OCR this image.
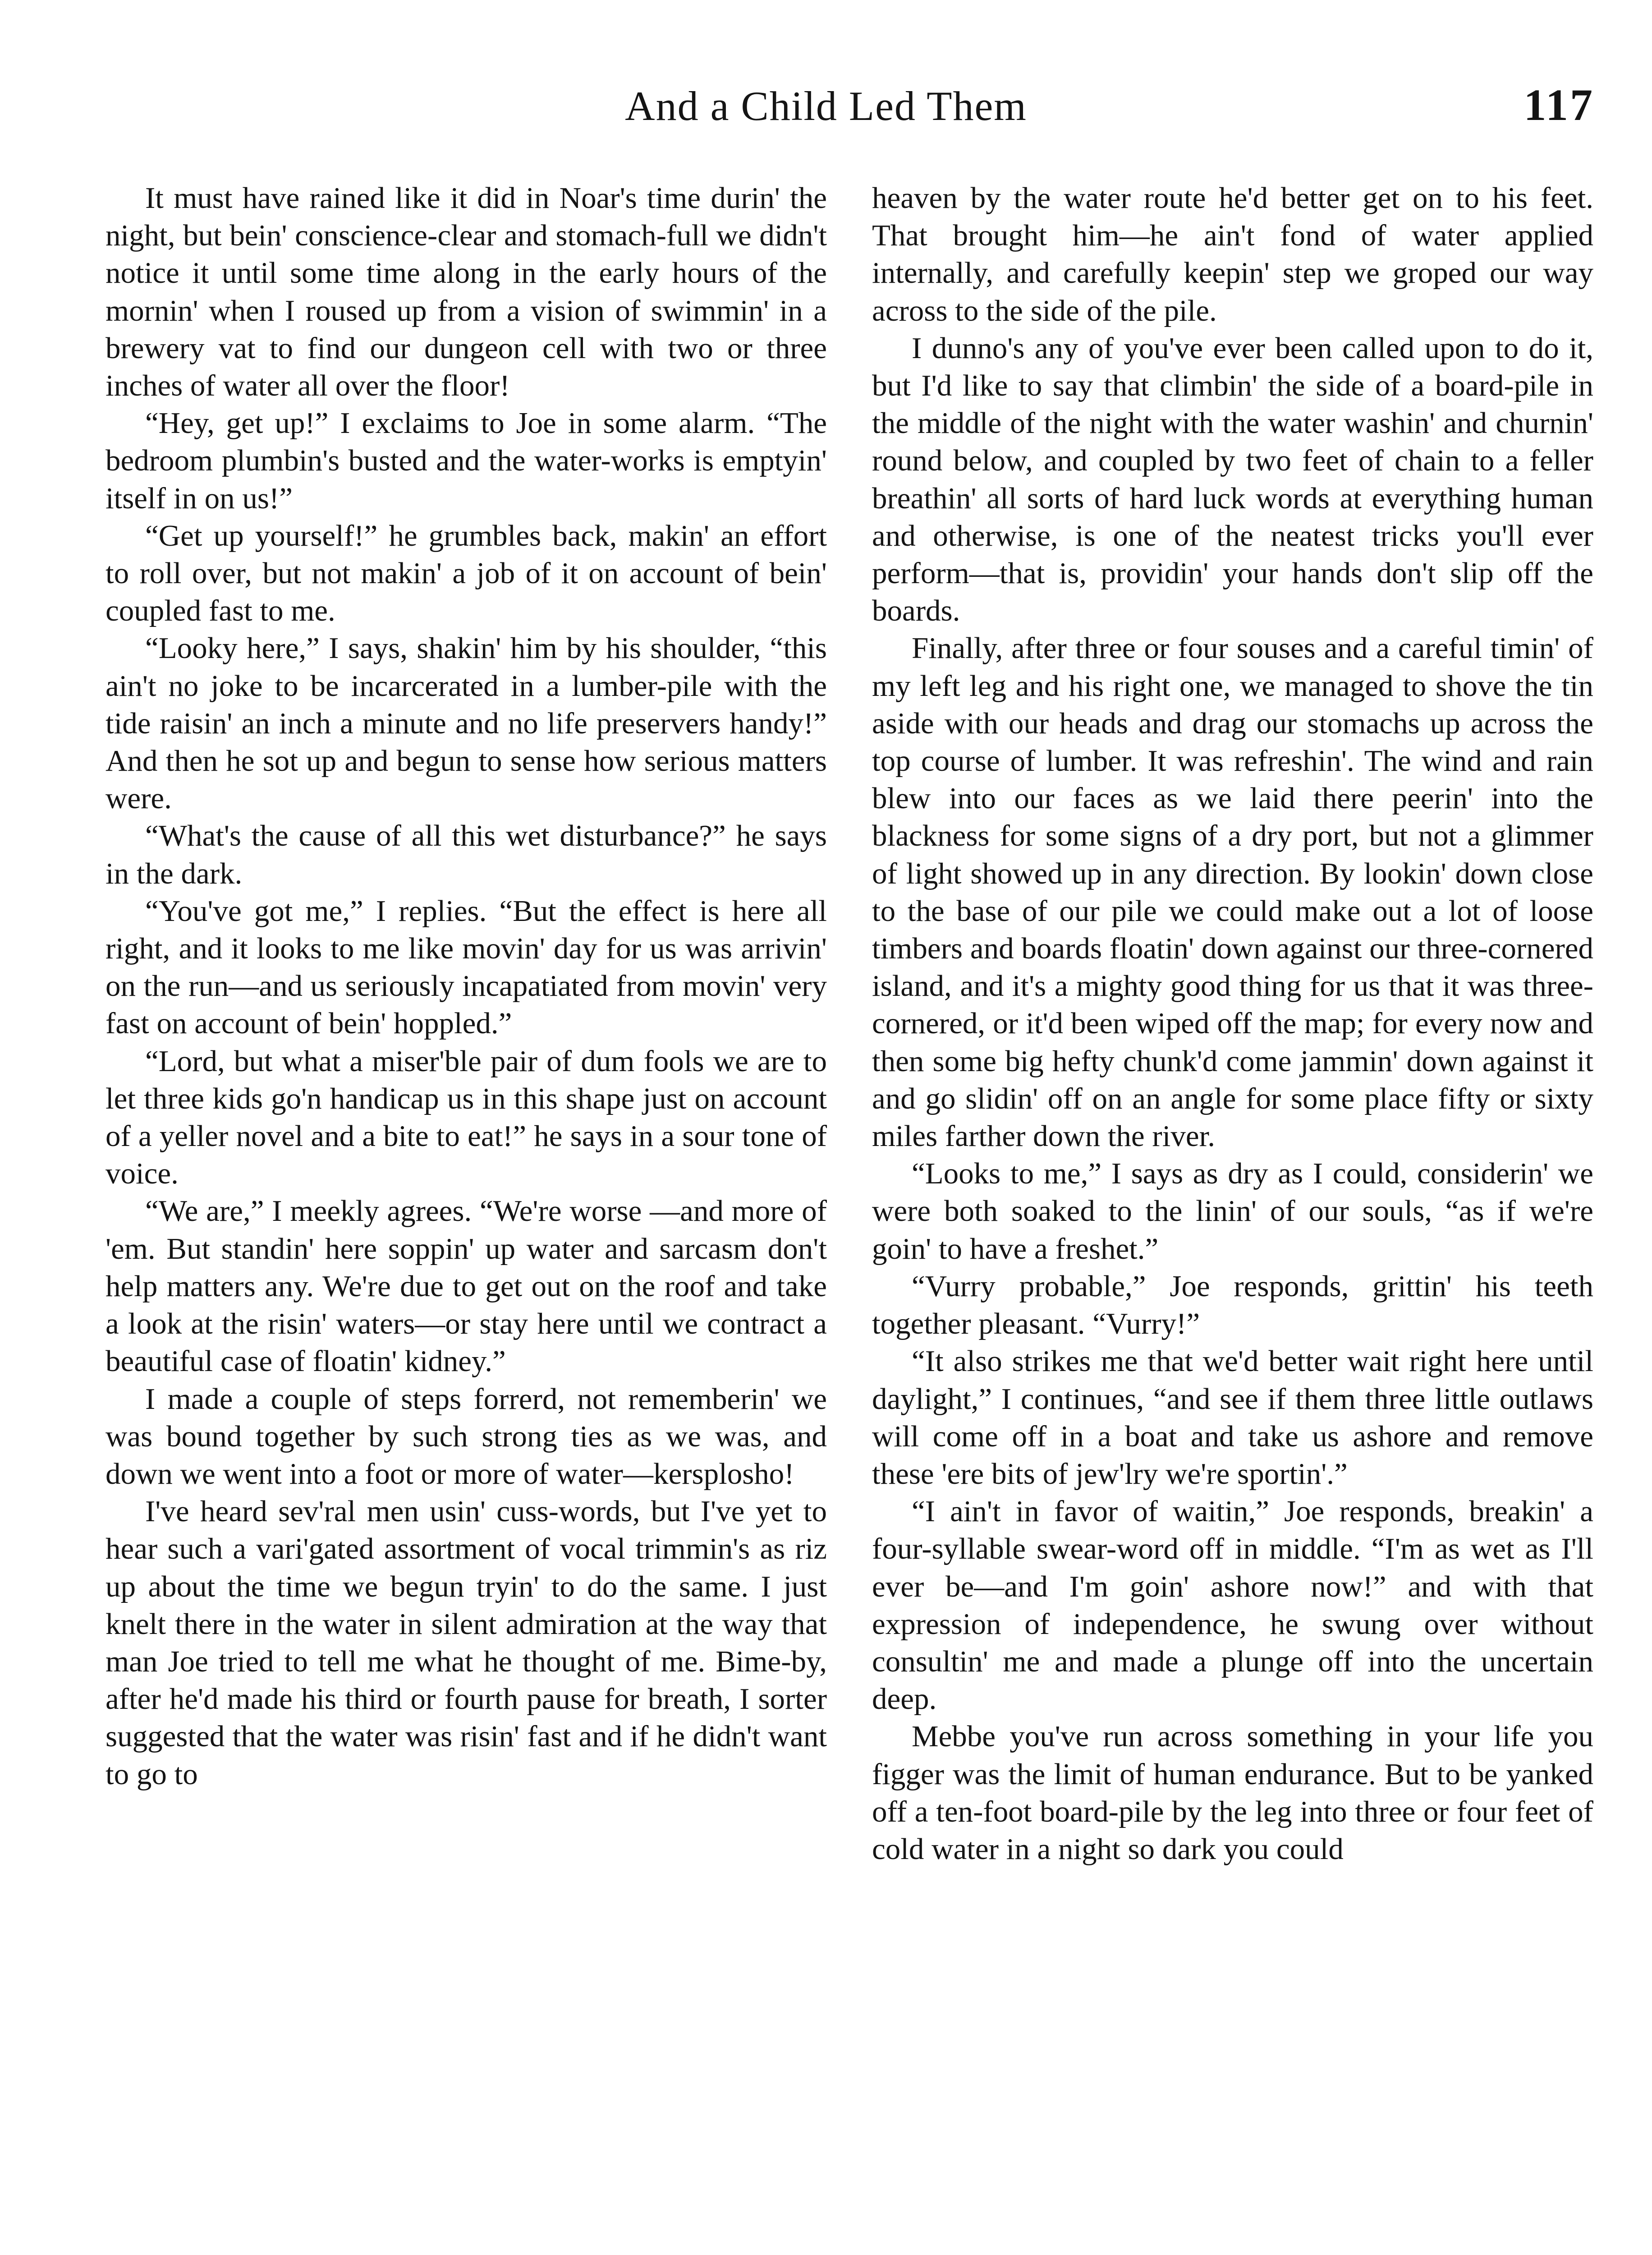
And a Child Led Them	117

It must have rained like it did in Noar's time durin' the night, but bein' conscience-clear and stomach-full we didn't notice it until some time along in the early hours of the mornin' when I roused up from a vision of swimmin' in a brewery vat to find our dungeon cell with two or three inches of water all over the floor!

“Hey, get up!” I exclaims to Joe in some alarm. “The bedroom plumbin's busted and the water-works is emptyin' itself in on us!”

“Get up yourself!” he grumbles back, makin' an effort to roll over, but not makin' a job of it on account of bein' coupled fast to me.

“Looky here,” I says, shakin' him by his shoulder, “this ain't no joke to be incarcerated in a lumber-pile with the tide raisin' an inch a minute and no life preservers handy!” And then he sot up and begun to sense how serious matters were.

“What's the cause of all this wet disturbance?” he says in the dark.

“You've got me,” I replies. “But the effect is here all right, and it looks to me like movin' day for us was arrivin' on the run—and us seriously incapatiated from movin' very fast on account of bein' hoppled.”

“Lord, but what a miser'ble pair of dum fools we are to let three kids go'n handicap us in this shape just on account of a yeller novel and a bite to eat!” he says in a sour tone of voice.

“We are,” I meekly agrees. “We're worse —and more of 'em. But standin' here soppin' up water and sarcasm don't help matters any. We're due to get out on the roof and take a look at the risin' waters—or stay here until we contract a beautiful case of floatin' kidney.”

I made a couple of steps forrerd, not rememberin' we was bound together by such strong ties as we was, and down we went into a foot or more of water—kersplosho!

I've heard sev'ral men usin' cuss-words, but I've yet to hear such a vari'gated assortment of vocal trimmin's as riz up about the time we begun tryin' to do the same. I just knelt there in the water in silent admiration at the way that man Joe tried to tell me what he thought of me. Bime-by, after he'd made his third or fourth pause for breath, I sorter suggested that the water was risin' fast and if he didn't want to go to

heaven by the water route he'd better get on to his feet. That brought him—he ain't fond of water applied internally, and carefully keepin' step we groped our way across to the side of the pile.

I dunno's any of you've ever been called upon to do it, but I'd like to say that climbin' the side of a board-pile in the middle of the night with the water washin' and churnin' round below, and coupled by two feet of chain to a feller breathin' all sorts of hard luck words at everything human and otherwise, is one of the neatest tricks you'll ever perform—that is, providin' your hands don't slip off the boards.

Finally, after three or four souses and a careful timin' of my left leg and his right one, we managed to shove the tin aside with our heads and drag our stomachs up across the top course of lumber. It was refreshin'. The wind and rain blew into our faces as we laid there peerin' into the blackness for some signs of a dry port, but not a glimmer of light showed up in any direction. By lookin' down close to the base of our pile we could make out a lot of loose timbers and boards floatin' down against our three-cornered island, and it's a mighty good thing for us that it was three-cornered, or it'd been wiped off the map; for every now and then some big hefty chunk'd come jammin' down against it and go slidin' off on an angle for some place fifty or sixty miles farther down the river.

“Looks to me,” I says as dry as I could, considerin' we were both soaked to the linin' of our souls, “as if we're goin' to have a freshet.”

“Vurry probable,” Joe responds, grittin' his teeth together pleasant. “Vurry!”

“It also strikes me that we'd better wait right here until daylight,” I continues, “and see if them three little outlaws will come off in a boat and take us ashore and remove these 'ere bits of jew'lry we're sportin'.”

“I ain't in favor of waitin,” Joe responds, breakin' a four-syllable swear-word off in middle. “I'm as wet as I'll ever be—and I'm goin' ashore now!” and with that expression of independence, he swung over without consultin' me and made a plunge off into the uncertain deep.

Mebbe you've run across something in your life you figger was the limit of human endurance. But to be yanked off a ten-foot board-pile by the leg into three or four feet of cold water in a night so dark you could
